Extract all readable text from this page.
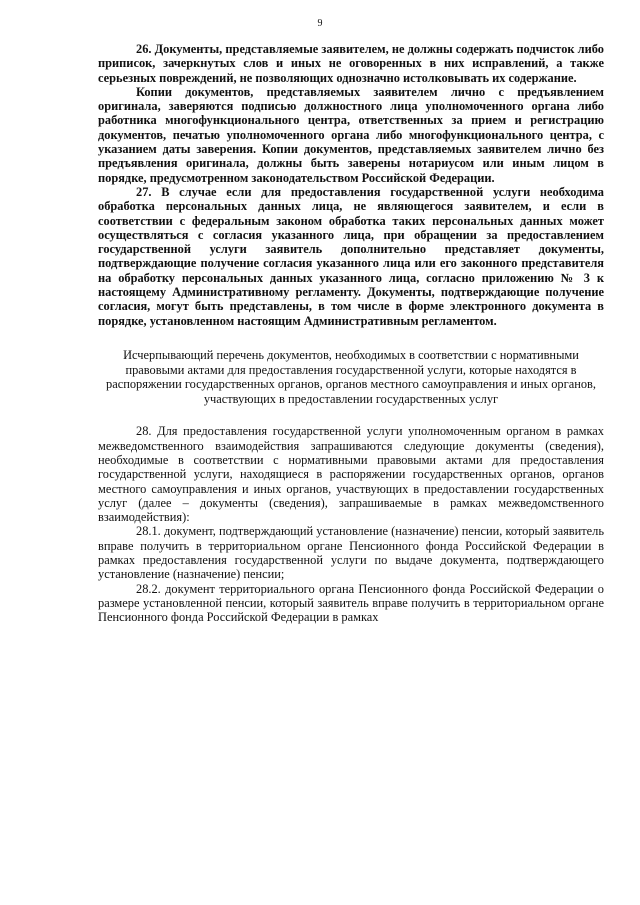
9

26. Документы, представляемые заявителем, не должны содержать подчисток либо приписок, зачеркнутых слов и иных не оговоренных в них исправлений, а также серьезных повреждений, не позволяющих однозначно истолковывать их содержание.

Копии документов, представляемых заявителем лично с предъявлением оригинала, заверяются подписью должностного лица уполномоченного органа либо работника многофункционального центра, ответственных за прием и регистрацию документов, печатью уполномоченного органа либо многофункционального центра, с указанием даты заверения. Копии документов, представляемых заявителем лично без предъявления оригинала, должны быть заверены нотариусом или иным лицом в порядке, предусмотренном законодательством Российской Федерации.

27. В случае если для предоставления государственной услуги необходима обработка персональных данных лица, не являющегося заявителем, и если в соответствии с федеральным законом обработка таких персональных данных может осуществляться с согласия указанного лица, при обращении за предоставлением государственной услуги заявитель дополнительно представляет документы, подтверждающие получение согласия указанного лица или его законного представителя на обработку персональных данных указанного лица, согласно приложению № 3 к настоящему Административному регламенту. Документы, подтверждающие получение согласия, могут быть представлены, в том числе в форме электронного документа в порядке, установленном настоящим Административным регламентом.

Исчерпывающий перечень документов, необходимых в соответствии с нормативными правовыми актами для предоставления государственной услуги, которые находятся в распоряжении государственных органов, органов местного самоуправления и иных органов, участвующих в предоставлении государственных услуг

28. Для предоставления государственной услуги уполномоченным органом в рамках межведомственного взаимодействия запрашиваются следующие документы (сведения), необходимые в соответствии с нормативными правовыми актами для предоставления государственной услуги, находящиеся в распоряжении государственных органов, органов местного самоуправления и иных органов, участвующих в предоставлении государственных услуг (далее – документы (сведения), запрашиваемые в рамках межведомственного взаимодействия):

28.1. документ, подтверждающий установление (назначение) пенсии, который заявитель вправе получить в территориальном органе Пенсионного фонда Российской Федерации в рамках предоставления государственной услуги по выдаче документа, подтверждающего установление (назначение) пенсии;

28.2. документ территориального органа Пенсионного фонда Российской Федерации о размере установленной пенсии, который заявитель вправе получить в территориальном органе Пенсионного фонда Российской Федерации в рамках
